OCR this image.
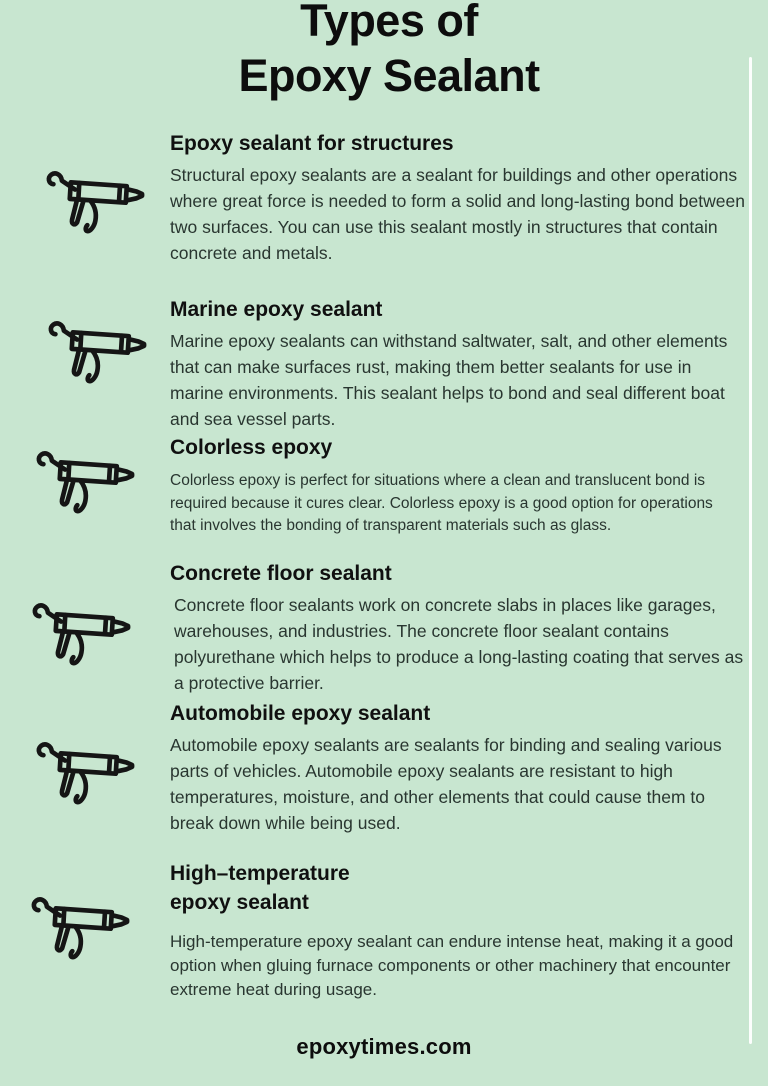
Types of
Epoxy Sealant
Epoxy sealant for structures

Structural epoxy sealants are a sealant for buildings and other operations where great force is needed to form a solid and long-lasting bond between two surfaces. You can use this sealant mostly in structures that contain concrete and metals.

Marine epoxy sealant

Marine epoxy sealants can withstand saltwater, salt, and other elements that can make surfaces rust, making them better sealants for use in marine environments. This sealant helps to bond and seal different boat and sea vessel parts.

Colorless epoxy

Colorless epoxy is perfect for situations where a clean and translucent bond is required because it cures clear. Colorless epoxy is a good option for operations that involves the bonding of transparent materials such as glass.

Concrete floor sealant

Concrete floor sealants work on concrete slabs in places like garages, warehouses, and industries. The concrete floor sealant contains polyurethane which helps to produce a long-lasting coating that serves as a protective barrier.

Automobile epoxy sealant

Automobile epoxy sealants are sealants for binding and sealing various parts of vehicles. Automobile epoxy sealants are resistant to high temperatures, moisture, and other elements that could cause them to break down while being used.

High–temperature
epoxy sealant

High-temperature epoxy sealant can endure intense heat, making it a good option when gluing furnace components or other machinery that encounter extreme heat during usage.

epoxytimes.com
